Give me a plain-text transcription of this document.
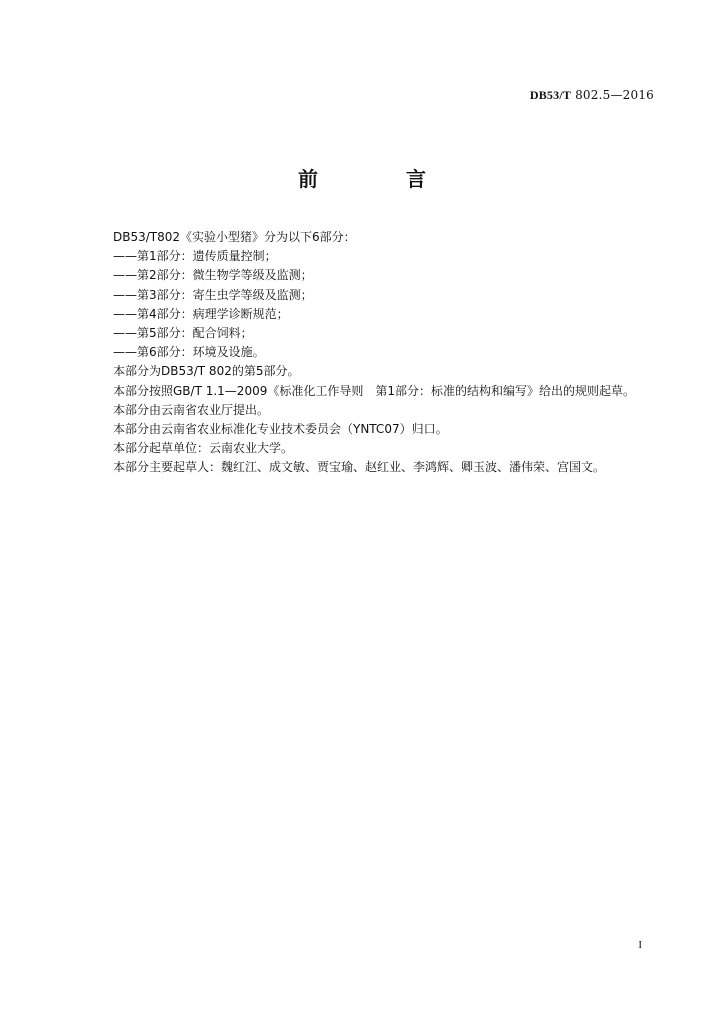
DB53/T 802.5—2016
前　言
DB53/T802《实验小型猪》分为以下6部分：
——第1部分：遗传质量控制；
——第2部分：微生物学等级及监测；
——第3部分：寄生虫学等级及监测；
——第4部分：病理学诊断规范；
——第5部分：配合饲料；
——第6部分：环境及设施。
本部分为DB53/T 802的第5部分。
本部分按照GB/T 1.1—2009《标准化工作导则　第1部分：标准的结构和编写》给出的规则起草。
本部分由云南省农业厅提出。
本部分由云南省农业标准化专业技术委员会（YNTC07）归口。
本部分起草单位：云南农业大学。
本部分主要起草人：魏红江、成文敏、贾宝瑜、赵红业、李鸿辉、卿玉波、潘伟荣、宫国文。
I
